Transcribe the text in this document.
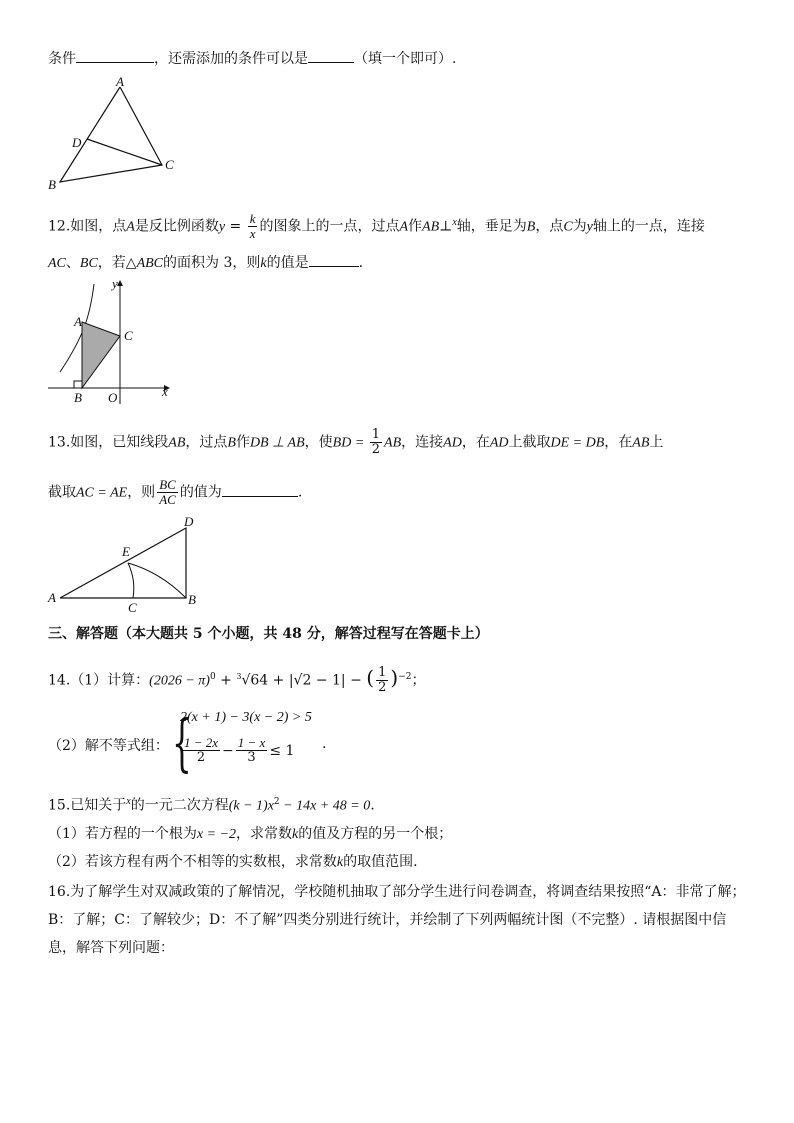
条件	，还需添加的条件可以是	（填一个即可）.
A
B
C
D
12.如图，点A是反比例函数$y = \frac{k}{x}$ 的图象上的一点，过点A作AB⊥$^x$轴，垂足为B，点C为y轴上的一点，连接
AC、BC，若△ABC的面积为 3，则k的值是	.
A
B
C
O	x
y
13.如图，已知线段AB，过点B作DB ⊥ AB，使BD = $\frac{1}{2}$ AB，连接AD，在AD上截取DE = DB，在AB上
截取AC = AE，则 $\frac{BC}{AC}$ 的值为	.
A	B
C
D
E
三、解答题（本大题共 5 个小题，共 48 分，解答过程写在答题卡上）
14.（1）计算：$(2026 - \pi)^0 + ^3√64 + |√2 - 1|$ − ( $\frac{1}{2} )^{-2}$；
（2）解不等式组： {
2(x + 1) − 3(x − 2) > 5
$\frac{1 - 2x}{2} - \frac{1 - x}{3} \le 1$ .
15.已知关于$^x$的一元二次方程$(k - 1)x^2 - 14x + 48 = 0$.
（1）若方程的一个根为x = −2，求常数k的值及方程的另一个根；
（2）若该方程有两个不相等的实数根，求常数k的取值范围.
16.为了解学生对双减政策的了解情况，学校随机抽取了部分学生进行问卷调查，将调查结果按照“A：非常了解；
B：了解；C：了解较少；D：不了解”四类分别进行统计，并绘制了下列两幅统计图（不完整）. 请根据图中信
息，解答下列问题：
